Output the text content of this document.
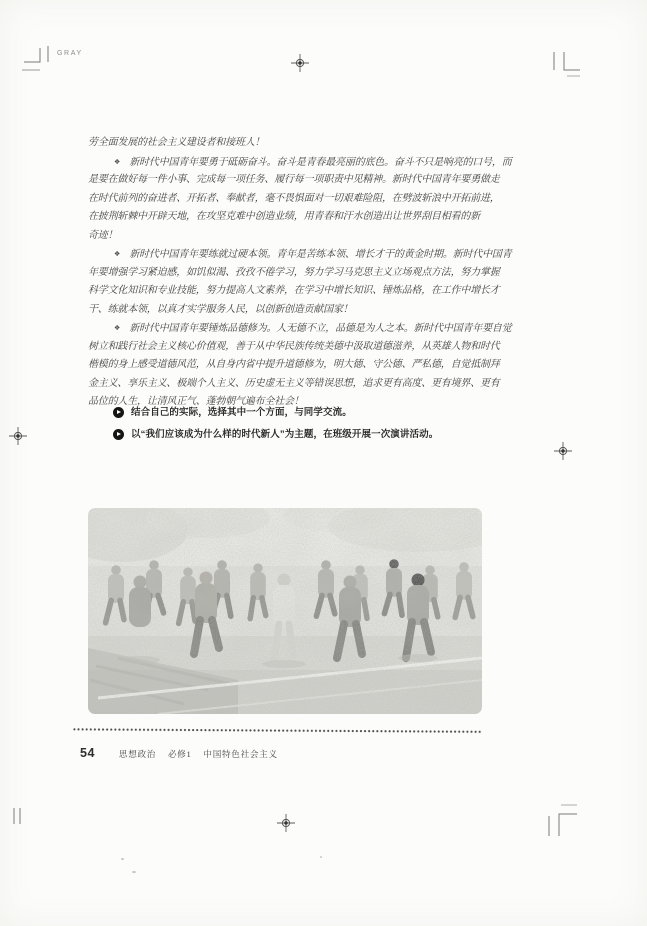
GRAY
劳全面发展的社会主义建设者和接班人！
❖ 新时代中国青年要勇于砥砺奋斗。奋斗是青春最亮丽的底色。奋斗不只是响亮的口号，而
是要在做好每一件小事、完成每一项任务、履行每一项职责中见精神。新时代中国青年要勇做走
在时代前列的奋进者、开拓者、奉献者，毫不畏惧面对一切艰难险阻，在劈波斩浪中开拓前进，
在披荆斩棘中开辟天地，在攻坚克难中创造业绩，用青春和汗水创造出让世界刮目相看的新
奇迹！
❖ 新时代中国青年要练就过硬本领。青年是苦练本领、增长才干的黄金时期。新时代中国青
年要增强学习紧迫感，如饥似渴、孜孜不倦学习，努力学习马克思主义立场观点方法，努力掌握
科学文化知识和专业技能，努力提高人文素养，在学习中增长知识、锤炼品格，在工作中增长才
干、练就本领，以真才实学服务人民，以创新创造贡献国家！
❖ 新时代中国青年要锤炼品德修为。人无德不立，品德是为人之本。新时代中国青年要自觉
树立和践行社会主义核心价值观，善于从中华民族传统美德中汲取道德滋养，从英雄人物和时代
楷模的身上感受道德风范，从自身内省中提升道德修为，明大德、守公德、严私德，自觉抵制拜
金主义、享乐主义、极端个人主义、历史虚无主义等错误思想，追求更有高度、更有境界、更有
品位的人生，让清风正气、蓬勃朝气遍布全社会！
结合自己的实际，选择其中一个方面，与同学交流。
以“我们应该成为什么样的时代新人”为主题，在班级开展一次演讲活动。
54	思想政治 必修1 中国特色社会主义
